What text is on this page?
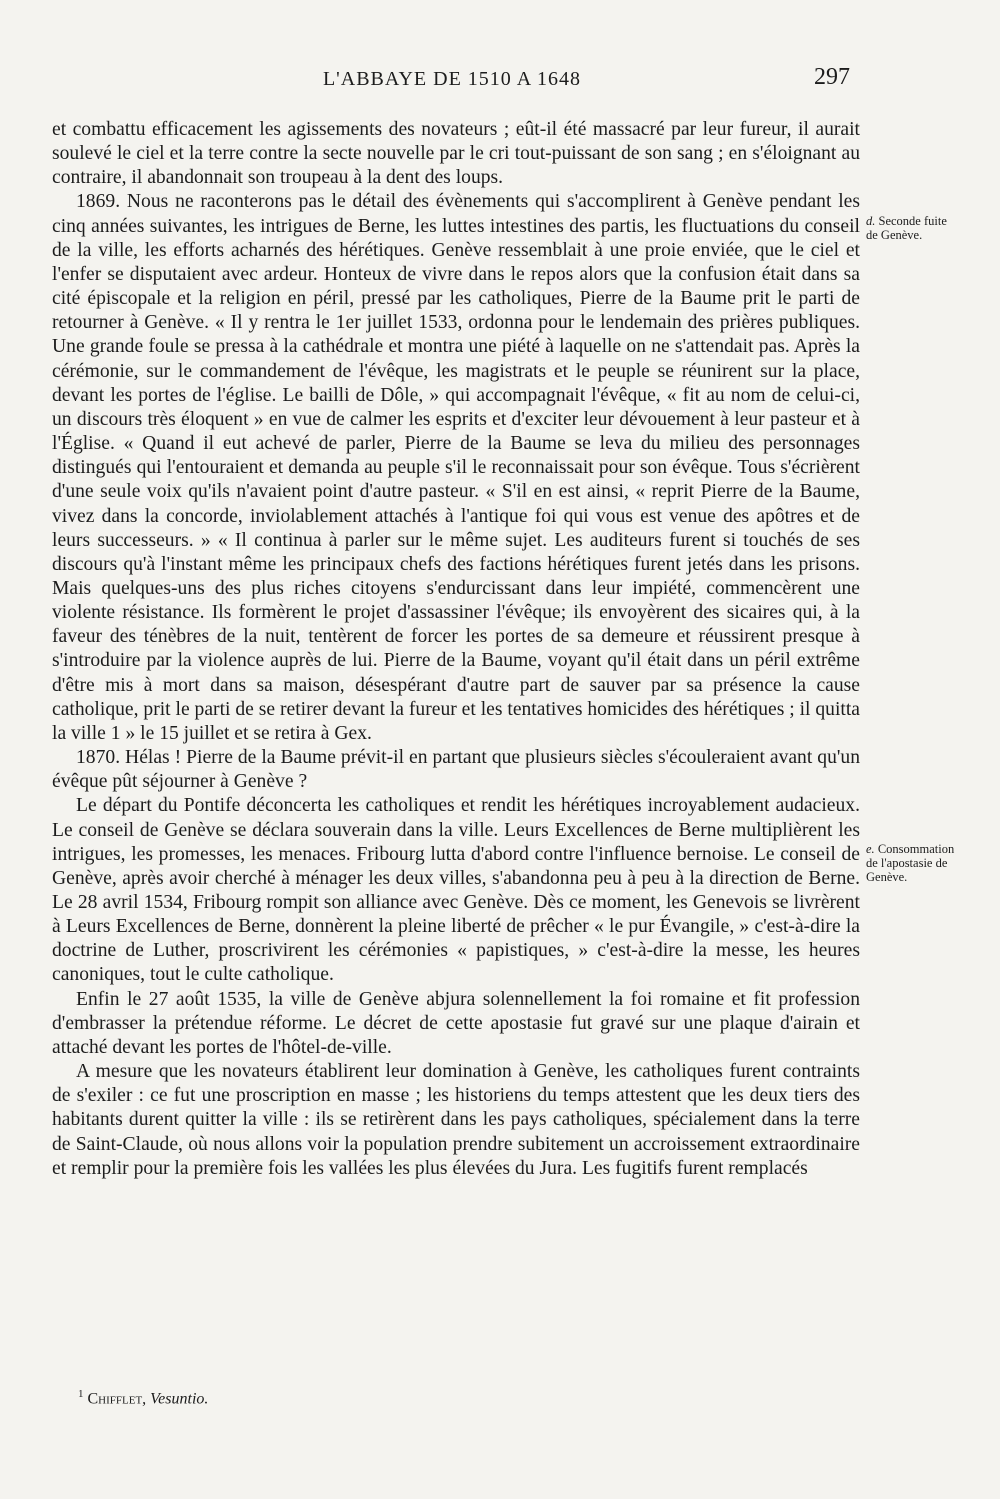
L'ABBAYE DE 1510 A 1648	297

et combattu efficacement les agissements des novateurs ; eût-il été massacré par leur fureur, il aurait soulevé le ciel et la terre contre la secte nouvelle par le cri tout-puissant de son sang ; en s'éloignant au contraire, il abandonnait son troupeau à la dent des loups.

1869. Nous ne raconterons pas le détail des évènements qui s'accomplirent à Genève pendant les cinq années suivantes, les intrigues de Berne, les luttes intestines des partis, les fluctuations du conseil de la ville, les efforts acharnés des hérétiques. Genève ressemblait à une proie enviée, que le ciel et l'enfer se disputaient avec ardeur. Honteux de vivre dans le repos alors que la confusion était dans sa cité épiscopale et la religion en péril, pressé par les catholiques, Pierre de la Baume prit le parti de retourner à Genève. « Il y rentra le 1er juillet 1533, ordonna pour le lendemain des prières publiques. Une grande foule se pressa à la cathédrale et montra une piété à laquelle on ne s'attendait pas. Après la cérémonie, sur le commandement de l'évêque, les magistrats et le peuple se réunirent sur la place, devant les portes de l'église. Le bailli de Dôle, » qui accompagnait l'évêque, « fit au nom de celui-ci, un discours très éloquent » en vue de calmer les esprits et d'exciter leur dévouement à leur pasteur et à l'Église. « Quand il eut achevé de parler, Pierre de la Baume se leva du milieu des personnages distingués qui l'entouraient et demanda au peuple s'il le reconnaissait pour son évêque. Tous s'écrièrent d'une seule voix qu'ils n'avaient point d'autre pasteur. « S'il en est ainsi, « reprit Pierre de la Baume, vivez dans la concorde, inviolablement attachés à l'antique foi qui vous est venue des apôtres et de leurs successeurs. » « Il continua à parler sur le même sujet. Les auditeurs furent si touchés de ses discours qu'à l'instant même les principaux chefs des factions hérétiques furent jetés dans les prisons. Mais quelques-uns des plus riches citoyens s'endurcissant dans leur impiété, commencèrent une violente résistance. Ils formèrent le projet d'assassiner l'évêque; ils envoyèrent des sicaires qui, à la faveur des ténèbres de la nuit, tentèrent de forcer les portes de sa demeure et réussirent presque à s'introduire par la violence auprès de lui. Pierre de la Baume, voyant qu'il était dans un péril extrême d'être mis à mort dans sa maison, désespérant d'autre part de sauver par sa présence la cause catholique, prit le parti de se retirer devant la fureur et les tentatives homicides des hérétiques ; il quitta la ville 1 » le 15 juillet et se retira à Gex.

1870. Hélas ! Pierre de la Baume prévit-il en partant que plusieurs siècles s'écouleraient avant qu'un évêque pût séjourner à Genève ?

Le départ du Pontife déconcerta les catholiques et rendit les hérétiques incroyablement audacieux. Le conseil de Genève se déclara souverain dans la ville. Leurs Excellences de Berne multiplièrent les intrigues, les promesses, les menaces. Fribourg lutta d'abord contre l'influence bernoise. Le conseil de Genève, après avoir cherché à ménager les deux villes, s'abandonna peu à peu à la direction de Berne. Le 28 avril 1534, Fribourg rompit son alliance avec Genève. Dès ce moment, les Genevois se livrèrent à Leurs Excellences de Berne, donnèrent la pleine liberté de prêcher « le pur Évangile, » c'est-à-dire la doctrine de Luther, proscrivirent les cérémonies « papistiques, » c'est-à-dire la messe, les heures canoniques, tout le culte catholique.

Enfin le 27 août 1535, la ville de Genève abjura solennellement la foi romaine et fit profession d'embrasser la prétendue réforme. Le décret de cette apostasie fut gravé sur une plaque d'airain et attaché devant les portes de l'hôtel-de-ville.

A mesure que les novateurs établirent leur domination à Genève, les catholiques furent contraints de s'exiler : ce fut une proscription en masse ; les historiens du temps attestent que les deux tiers des habitants durent quitter la ville : ils se retirèrent dans les pays catholiques, spécialement dans la terre de Saint-Claude, où nous allons voir la population prendre subitement un accroissement extraordinaire et remplir pour la première fois les vallées les plus élevées du Jura. Les fugitifs furent remplacés

d. Seconde fuite de Genève.
e. Consommation de l'apostasie de Genève.
$^1$ Chifflet, Vesuntio.
